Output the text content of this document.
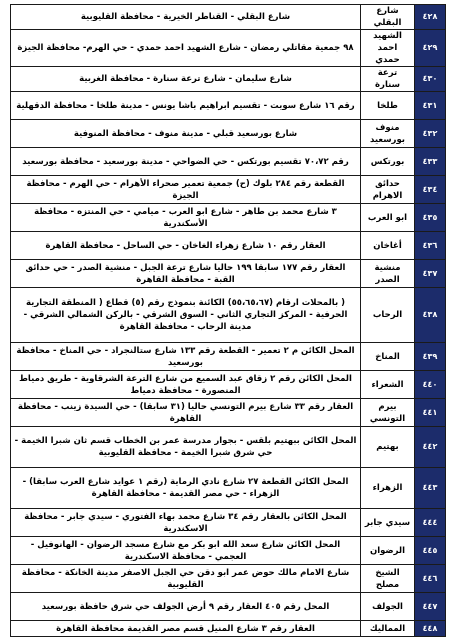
٤٢٨	شارع البقلي	شارع البقلي - القناطر الخيرية - محافظة القليوبية
٤٢٩	الشهيد احمد حمدي	٩٨ جمعية مقاتلي رمضان - شارع الشهيد احمد حمدي - حي الهرم- محافظة الجيزة
٤٣٠	ترعة سنارة	شارع سليمان - شارع ترعة سنارة - محافظة الغربية
٤٣١	طلخا	رقم ١٦ شارع سويت - تقسيم ابراهيم باشا يونس - مدينة طلخا - محافظة الدقهلية
٤٣٢	منوف بورسعيد	شارع بورسعيد قبلي - مدينة منوف - محافظة المنوفية
٤٣٣	بورتكس	رقم ٧٠،٧٢ تقسيم بورتكس - حي الضواحي - مدينة بورسعيد - محافظة بورسعيد
٤٣٤	حدائق الاهرام	القطعة رقم ٢٨٤ بلوك (ح) جمعية تعمير صحراء الأهرام - حي الهرم - محافظة الجيزة
٤٣٥	ابو العرب	٣ شارع محمد بن طاهر - شارع ابو العرب - ميامي - حي المنتزه - محافظة الأسكندرية
٤٣٦	أغاخان	العقار رقم ١٠ شارع زهراء الغاخان - حي الساحل - محافظة القاهرة
٤٣٧	منشية الصدر	العقار رقم ١٧٧ سابقا ١٩٩ حاليا شارع ترعة الجبل - منشية الصدر - حي حدائق القبة - محافظة القاهرة
٤٣٨	الرحاب	( بالمحلات ارقام (٥٥،٦٥،٦٧) الكائنة بنموذج رقم (٥) قطاع ( المنطقة التجارية الحرفية - المركز التجاري الثاني - السوق الشرقي - بالركن الشمالي الشرقي - مدينة الرحاب - محافظة القاهرة
٤٣٩	المناخ	المحل الكائن م ٢ تعمير - القطعة رقم ١٣٣ شارع ستالنجراد - حي المناخ - محافظة بورسعيد
٤٤٠	الشعراء	المحل الكائن رقم ٢ زقاق عبد السميع من شارع الترعة الشرقاوية - طريق دمياط المنصورة - محافظة دمياط
٤٤١	بيرم التونسي	العقار رقم ٣٣ شارع بيرم التونسي حاليا (٣١ سابقا) - حي السيدة زينب - محافظة القاهرة
٤٤٢	بهتيم	المحل الكائن ببهتيم بلقس - بجوار مدرسة عمر بن الخطاب قسم ثان شبرا الخيمة - حي شرق شبرا الخيمة - محافظة القليوبية
٤٤٣	الزهراء	المحل الكائن القطعة ٢٧ شارع نادي الرماية (رقم ١ عوايد شارع العرب سابقا) - الزهراء - حي مصر القديمة - محافظة القاهرة
٤٤٤	سيدي جابر	المحل الكائن بالعقار رقم ٣٤ شارع محمد بهاء الفتوري - سيدي جابر - محافظة الاسكندرية
٤٤٥	الرضوان	المحل الكائن شارع سعد الله ابو بكر مع شارع مسجد الرضوان - الهانوفيل - العجمي - محافظة الاسكندرية
٤٤٦	الشيخ مصلح	شارع الامام مالك حوض عمر ابو دقن حي الجبل الاصفر مدينة الخانكة - محافظة القليوبية
٤٤٧	الجولف	المحل رقم ٤٠٥ العقار رقم ٩ أرض الجولف حي شرق حافظة بورسعيد
٤٤٨	المماليك	العقار رقم ٣ شارع المنيل قسم مصر القديمة محافظة القاهرة
